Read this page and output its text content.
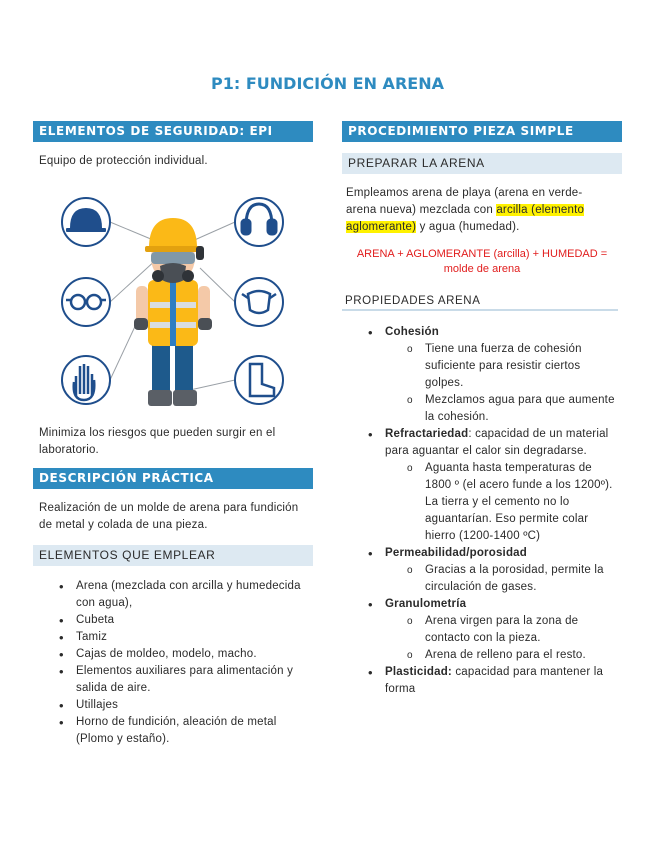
P1: FUNDICIÓN EN ARENA
ELEMENTOS DE SEGURIDAD: EPI
Equipo de protección individual.
Minimiza los riesgos que pueden surgir en el laboratorio.
DESCRIPCIÓN PRÁCTICA
Realización de un molde de arena para fundición de metal y colada de una pieza.
ELEMENTOS QUE EMPLEAR
• Arena (mezclada con arcilla y humedecida con agua),
• Cubeta
• Tamiz
• Cajas de moldeo, modelo, macho.
• Elementos auxiliares para alimentación y salida de aire.
• Utillajes
• Horno de fundición, aleación de metal (Plomo y estaño).
PROCEDIMIENTO PIEZA SIMPLE
PREPARAR LA ARENA
Empleamos arena de playa (arena en verde-arena nueva) mezclada con arcilla (elemento aglomerante) y agua (humedad).
ARENA + AGLOMERANTE (arcilla) + HUMEDAD = molde de arena
PROPIEDADES ARENA
• Cohesión
o Tiene una fuerza de cohesión suficiente para resistir ciertos golpes.
o Mezclamos agua para que aumente la cohesión.
• Refractariedad: capacidad de un material para aguantar el calor sin degradarse.
o Aguanta hasta temperaturas de 1800 º (el acero funde a los 1200º). La tierra y el cemento no lo aguantarían. Eso permite colar hierro (1200-1400 ºC)
• Permeabilidad/porosidad
o Gracias a la porosidad, permite la circulación de gases.
• Granulometría
o Arena virgen para la zona de contacto con la pieza.
o Arena de relleno para el resto.
• Plasticidad: capacidad para mantener la forma
